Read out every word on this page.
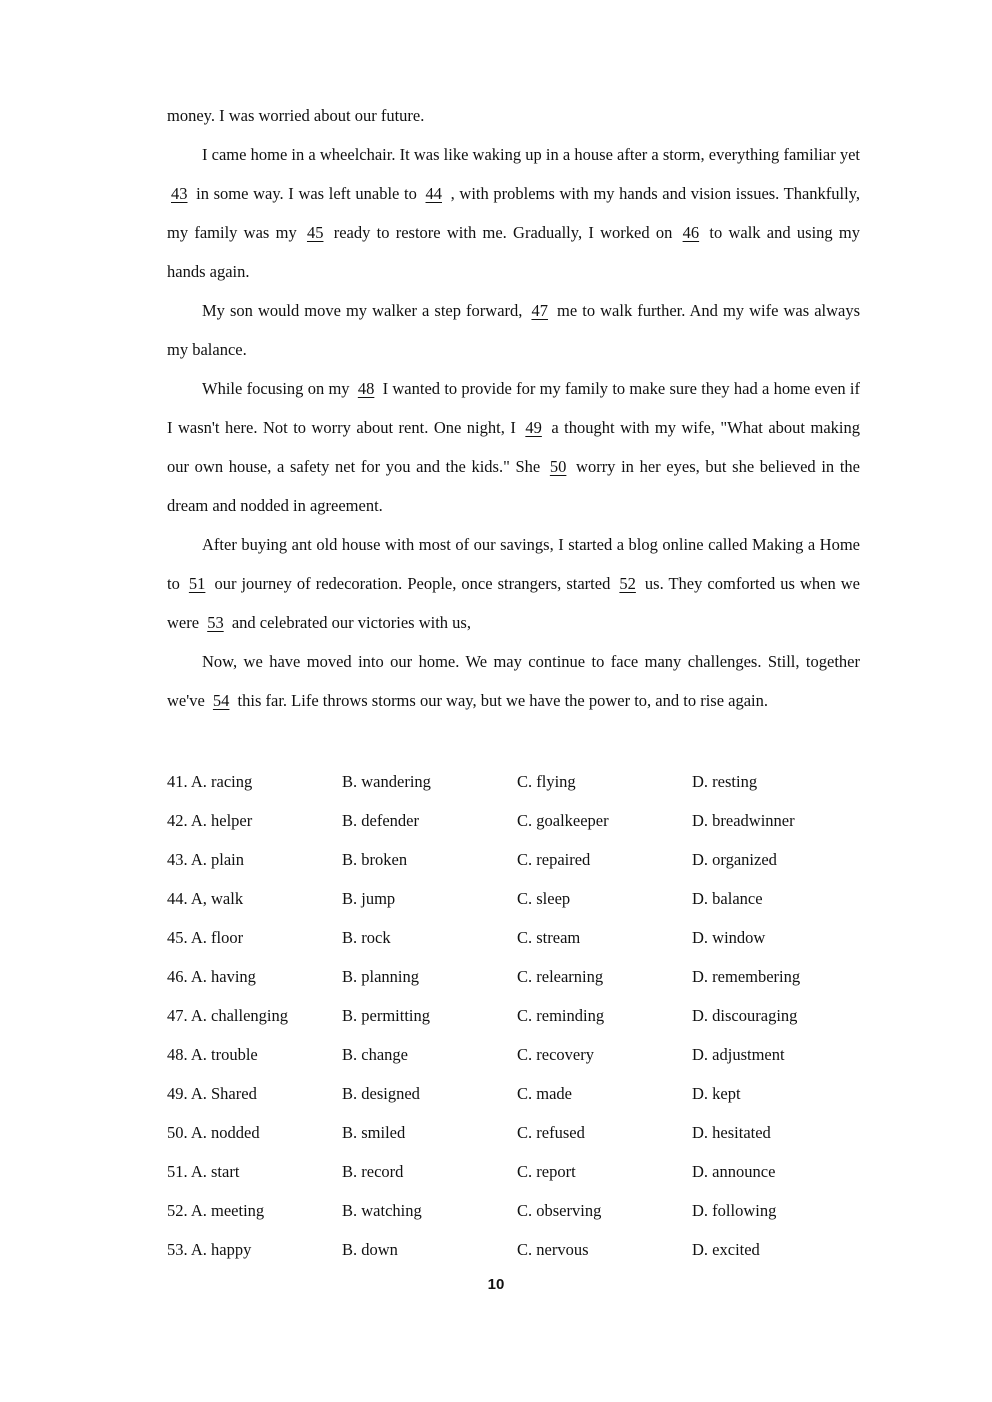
money. I was worried about our future.

I came home in a wheelchair. It was like waking up in a house after a storm, everything familiar yet 43 in some way. I was left unable to 44 , with problems with my hands and vision issues. Thankfully, my family was my 45 ready to restore with me. Gradually, I worked on 46 to walk and using my hands again.

My son would move my walker a step forward, 47 me to walk further. And my wife was always my balance.

While focusing on my 48 I wanted to provide for my family to make sure they had a home even if I wasn't here. Not to worry about rent. One night, I 49 a thought with my wife, "What about making our own house, a safety net for you and the kids." She 50 worry in her eyes, but she believed in the dream and nodded in agreement.

After buying ant old house with most of our savings, I started a blog online called Making a Home to 51 our journey of redecoration. People, once strangers, started 52 us. They comforted us when we were 53 and celebrated our victories with us,

Now, we have moved into our home. We may continue to face many challenges. Still, together we've 54 this far. Life throws storms our way, but we have the power to, and to rise again.

41. A. racing	B. wandering	C. flying	D. resting
42. A. helper	B. defender	C. goalkeeper	D. breadwinner
43. A. plain	B. broken	C. repaired	D. organized
44. A, walk	B. jump	C. sleep	D. balance
45. A. floor	B. rock	C. stream	D. window
46. A. having	B. planning	C. relearning	D. remembering
47. A. challenging	B. permitting	C. reminding	D. discouraging
48. A. trouble	B. change	C. recovery	D. adjustment
49. A. Shared	B. designed	C. made	D. kept
50. A. nodded	B. smiled	C. refused	D. hesitated
51. A. start	B. record	C. report	D. announce
52. A. meeting	B. watching	C. observing	D. following
53. A. happy	B. down	C. nervous	D. excited
10
